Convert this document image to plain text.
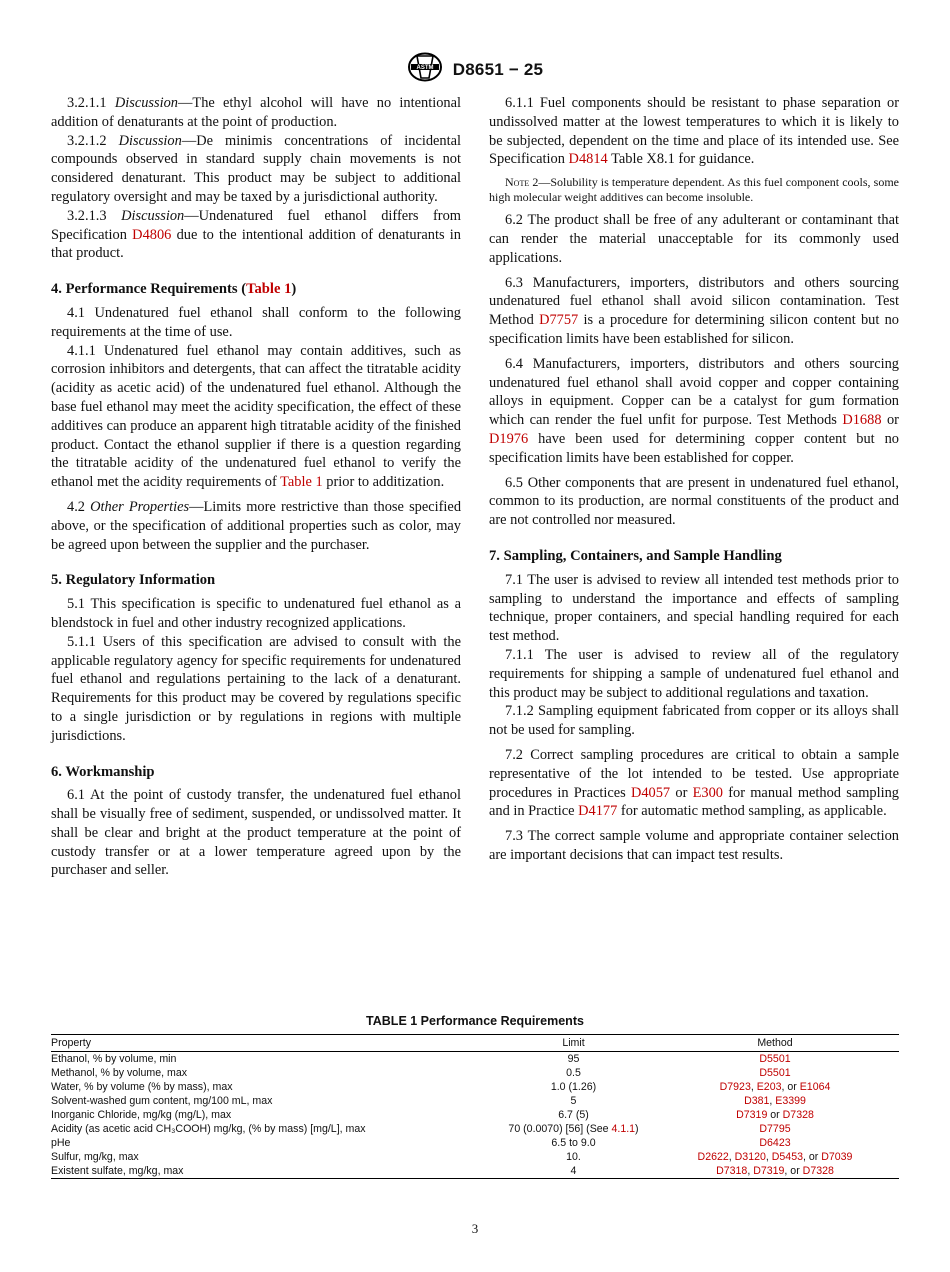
ASTM D8651 − 25

3.2.1.1 Discussion—The ethyl alcohol will have no intentional addition of denaturants at the point of production.

3.2.1.2 Discussion—De minimis concentrations of incidental compounds observed in standard supply chain movements is not considered denaturant. This product may be subject to additional regulatory oversight and may be taxed by a jurisdictional authority.

3.2.1.3 Discussion—Undenatured fuel ethanol differs from Specification D4806 due to the intentional addition of denaturants in that product.

4. Performance Requirements (Table 1)

4.1 Undenatured fuel ethanol shall conform to the following requirements at the time of use.

4.1.1 Undenatured fuel ethanol may contain additives, such as corrosion inhibitors and detergents, that can affect the titratable acidity (acidity as acetic acid) of the undenatured fuel ethanol. Although the base fuel ethanol may meet the acidity specification, the effect of these additives can produce an apparent high titratable acidity of the finished product. Contact the ethanol supplier if there is a question regarding the titratable acidity of the undenatured fuel ethanol to verify the ethanol met the acidity requirements of Table 1 prior to additization.

4.2 Other Properties—Limits more restrictive than those specified above, or the specification of additional properties such as color, may be agreed upon between the supplier and the purchaser.

5. Regulatory Information

5.1 This specification is specific to undenatured fuel ethanol as a blendstock in fuel and other industry recognized applications.

5.1.1 Users of this specification are advised to consult with the applicable regulatory agency for specific requirements for undenatured fuel ethanol and regulations pertaining to the lack of a denaturant. Requirements for this product may be covered by regulations specific to a single jurisdiction or by regulations in regions with multiple jurisdictions.

6. Workmanship

6.1 At the point of custody transfer, the undenatured fuel ethanol shall be visually free of sediment, suspended, or undissolved matter. It shall be clear and bright at the product temperature at the point of custody transfer or at a lower temperature agreed upon by the purchaser and seller.

6.1.1 Fuel components should be resistant to phase separation or undissolved matter at the lowest temperatures to which it is likely to be subjected, dependent on the time and place of its intended use. See Specification D4814 Table X8.1 for guidance.

Note 2—Solubility is temperature dependent. As this fuel component cools, some high molecular weight additives can become insoluble.

6.2 The product shall be free of any adulterant or contaminant that can render the material unacceptable for its commonly used applications.

6.3 Manufacturers, importers, distributors and others sourcing undenatured fuel ethanol shall avoid silicon contamination. Test Method D7757 is a procedure for determining silicon content but no specification limits have been established for silicon.

6.4 Manufacturers, importers, distributors and others sourcing undenatured fuel ethanol shall avoid copper and copper containing alloys in equipment. Copper can be a catalyst for gum formation which can render the fuel unfit for purpose. Test Methods D1688 or D1976 have been used for determining copper content but no specification limits have been established for copper.

6.5 Other components that are present in undenatured fuel ethanol, common to its production, are normal constituents of the product and are not controlled nor measured.

7. Sampling, Containers, and Sample Handling

7.1 The user is advised to review all intended test methods prior to sampling to understand the importance and effects of sampling technique, proper containers, and special handling required for each test method.

7.1.1 The user is advised to review all of the regulatory requirements for shipping a sample of undenatured fuel ethanol and this product may be subject to additional regulations and taxation.

7.1.2 Sampling equipment fabricated from copper or its alloys shall not be used for sampling.

7.2 Correct sampling procedures are critical to obtain a sample representative of the lot intended to be tested. Use appropriate procedures in Practices D4057 or E300 for manual method sampling and in Practice D4177 for automatic method sampling, as applicable.

7.3 The correct sample volume and appropriate container selection are important decisions that can impact test results.

TABLE 1 Performance Requirements
Property	Limit	Method
Ethanol, % by volume, min	95	D5501
Methanol, % by volume, max	0.5	D5501
Water, % by volume (% by mass), max	1.0 (1.26)	D7923, E203, or E1064
Solvent-washed gum content, mg/100 mL, max	5	D381, E3399
Inorganic Chloride, mg/kg (mg/L), max	6.7 (5)	D7319 or D7328
Acidity (as acetic acid CH₃COOH) mg/kg, (% by mass) [mg/L], max	70 (0.0070) [56] (See 4.1.1)	D7795
pHe	6.5 to 9.0	D6423
Sulfur, mg/kg, max	10.	D2622, D3120, D5453, or D7039
Existent sulfate, mg/kg, max	4	D7318, D7319, or D7328
3
